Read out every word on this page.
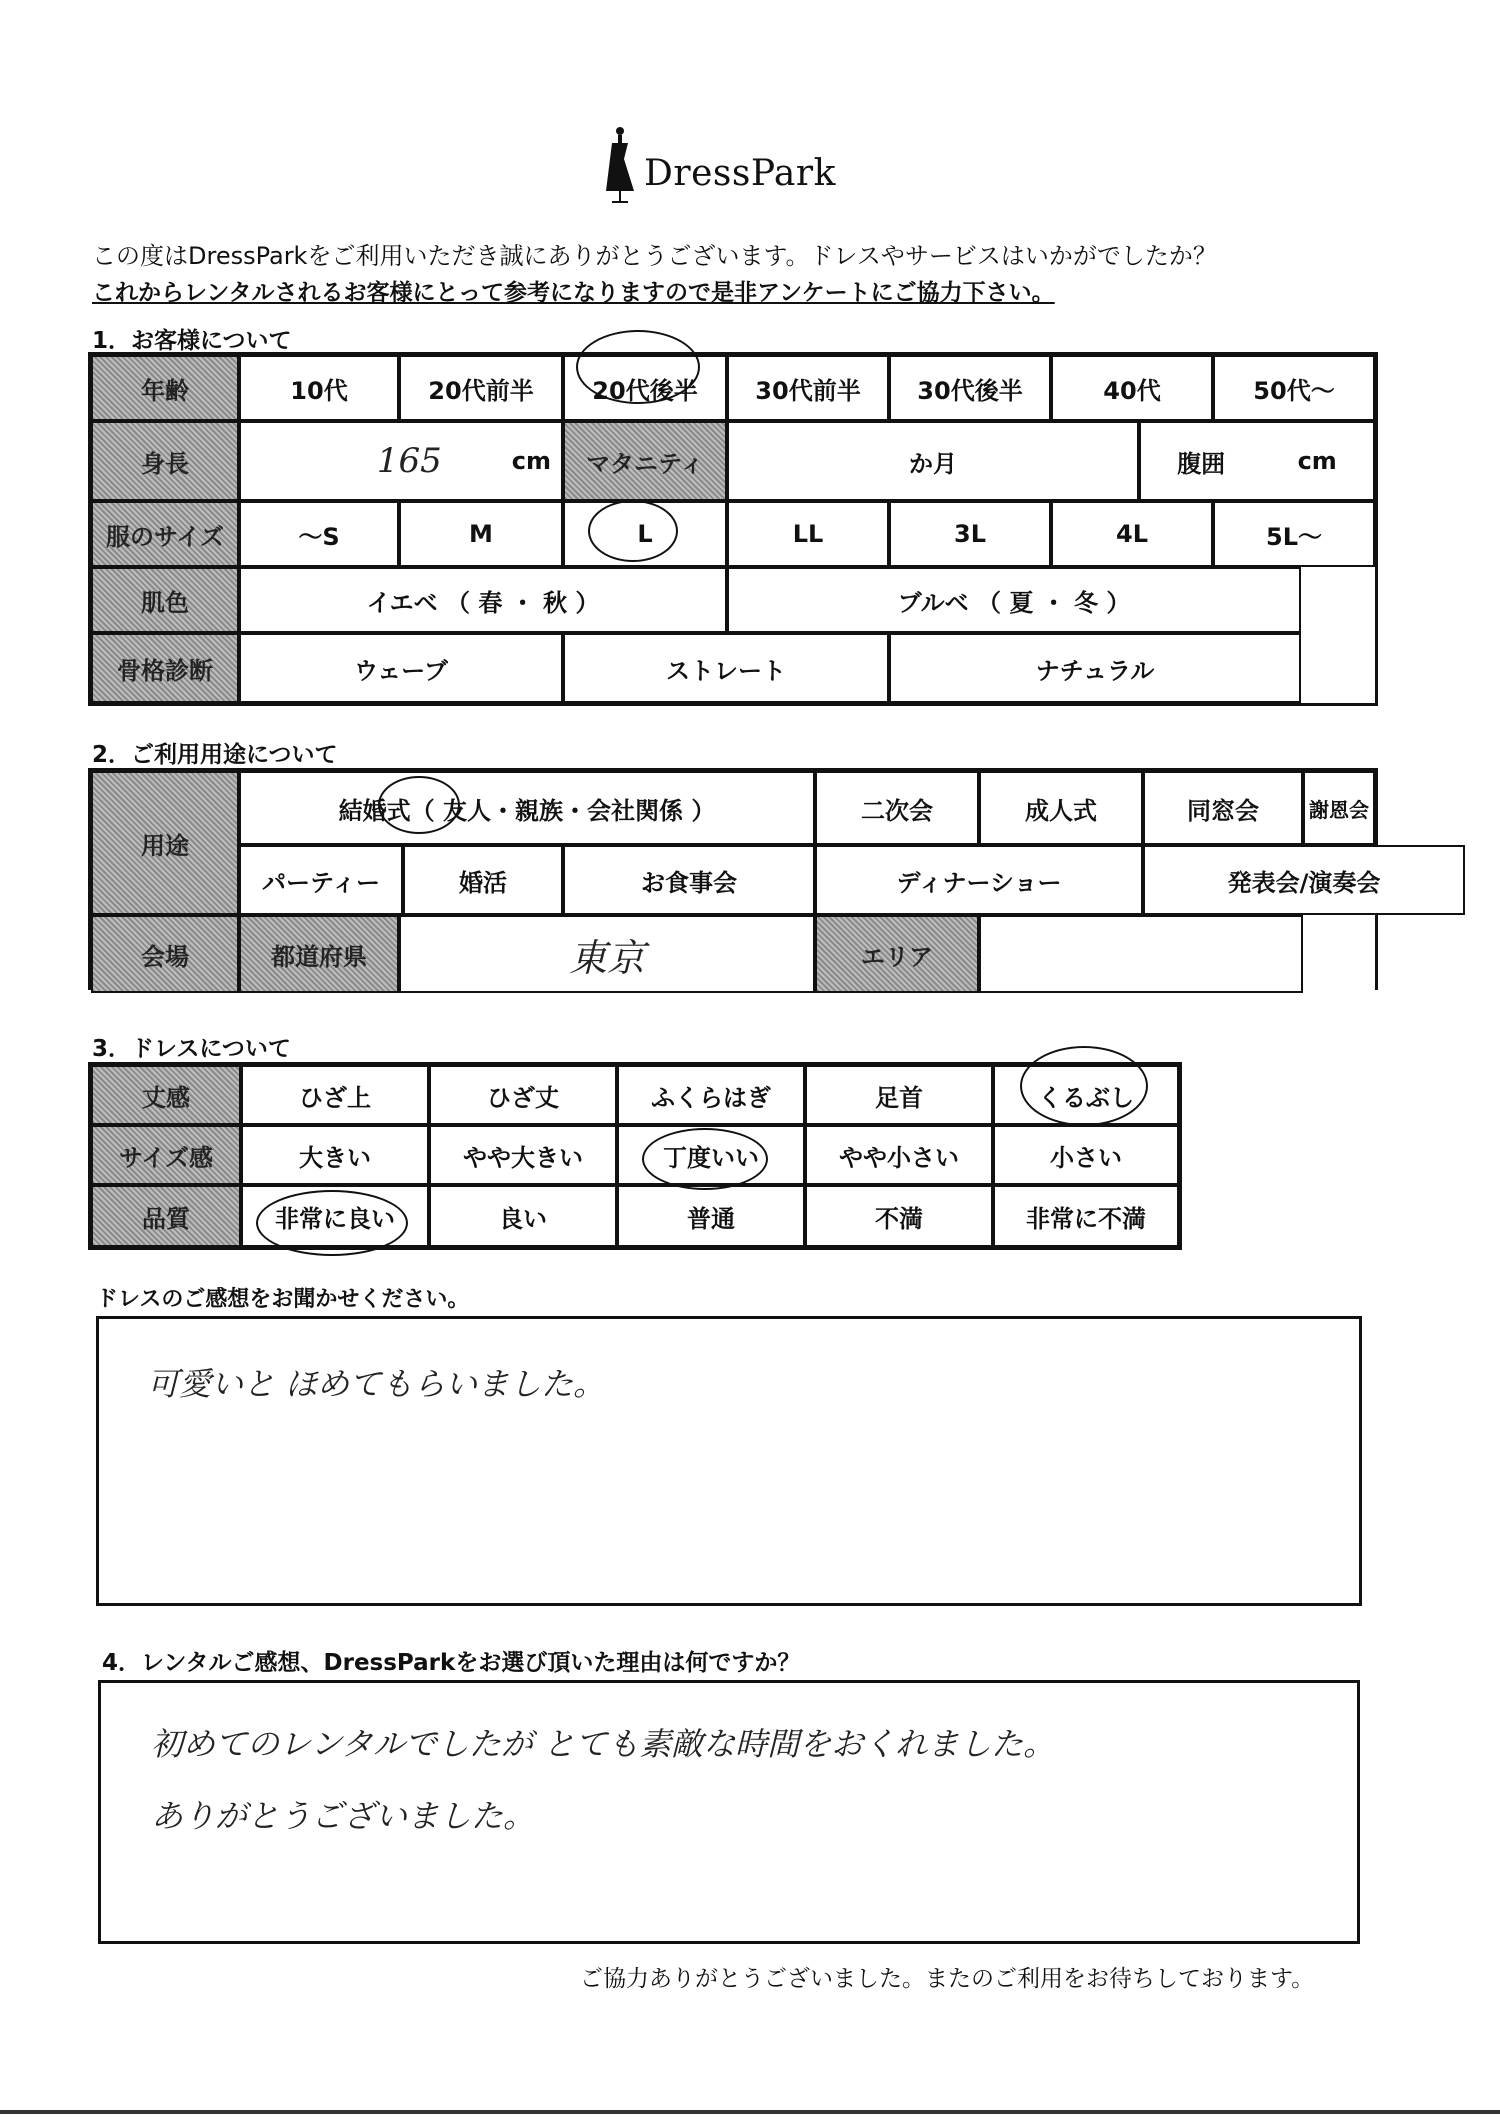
DressPark
この度はDressParkをご利用いただき誠にありがとうございます。ドレスやサービスはいかがでしたか？
これからレンタルされるお客様にとって参考になりますので是非アンケートにご協力下さい。
1．お客様について
年齢	10代	20代前半	20代後半	30代前半	30代後半	40代	50代～
身長	165	cm	マタニティ	か月	腹囲	cm
服のサイズ	～S	M	L	LL	3L	4L	5L～
肌色	イエベ （ 春 ・ 秋 ）	ブルベ （ 夏 ・ 冬 ）
骨格診断	ウェーブ	ストレート	ナチュラル
2．ご利用用途について
用途
結婚式（ 友人・親族・会社関係 ）	二次会	成人式	同窓会	謝恩会
パーティー	婚活	お食事会	ディナーショー	発表会/演奏会
会場	都道府県	東京	エリア
3．ドレスについて
丈感	ひざ上	ひざ丈	ふくらはぎ	足首	くるぶし
サイズ感	大きい	やや大きい	丁度いい	やや小さい	小さい
品質	非常に良い	良い	普通	不満	非常に不満
ドレスのご感想をお聞かせください。
可愛いと ほめてもらいました。
4．レンタルご感想、DressParkをお選び頂いた理由は何ですか？
初めてのレンタルでしたが とても素敵な時間をおくれました。
ありがとうございました。
ご協力ありがとうございました。またのご利用をお待ちしております。
